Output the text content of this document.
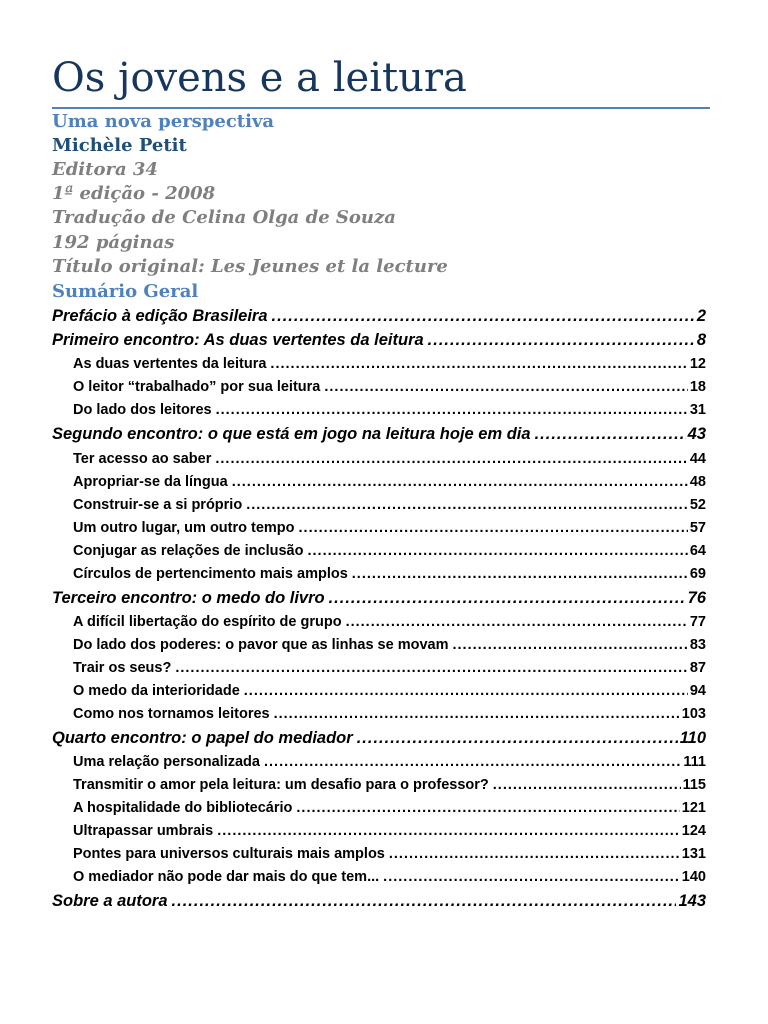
Os jovens e a leitura
Uma nova perspectiva
Michèle Petit
Editora 34
1ª edição - 2008
Tradução de Celina Olga de Souza
192 páginas
Título original: Les Jeunes et la lecture
Sumário Geral
Prefácio à edição Brasileira .....	2
Primeiro encontro: As duas vertentes da leitura .....	8
As duas vertentes da leitura .....	12
O leitor “trabalhado” por sua leitura .....	18
Do lado dos leitores .....	31
Segundo encontro: o que está em jogo na leitura hoje em dia .....	43
Ter acesso ao saber .....	44
Apropriar-se da língua .....	48
Construir-se a si próprio .....	52
Um outro lugar, um outro tempo .....	57
Conjugar as relações de inclusão .....	64
Círculos de pertencimento mais amplos .....	69
Terceiro encontro: o medo do livro .....	76
A difícil libertação do espírito de grupo .....	77
Do lado dos poderes: o pavor que as linhas se movam .....	83
Trair os seus? .....	87
O medo da interioridade .....	94
Como nos tornamos leitores .....	103
Quarto encontro: o papel do mediador .....	110
Uma relação personalizada .....	111
Transmitir o amor pela leitura: um desafio para o professor? .....	115
A hospitalidade do bibliotecário .....	121
Ultrapassar umbrais .....	124
Pontes para universos culturais mais amplos .....	131
O mediador não pode dar mais do que tem... .....	140
Sobre a autora .....	143
